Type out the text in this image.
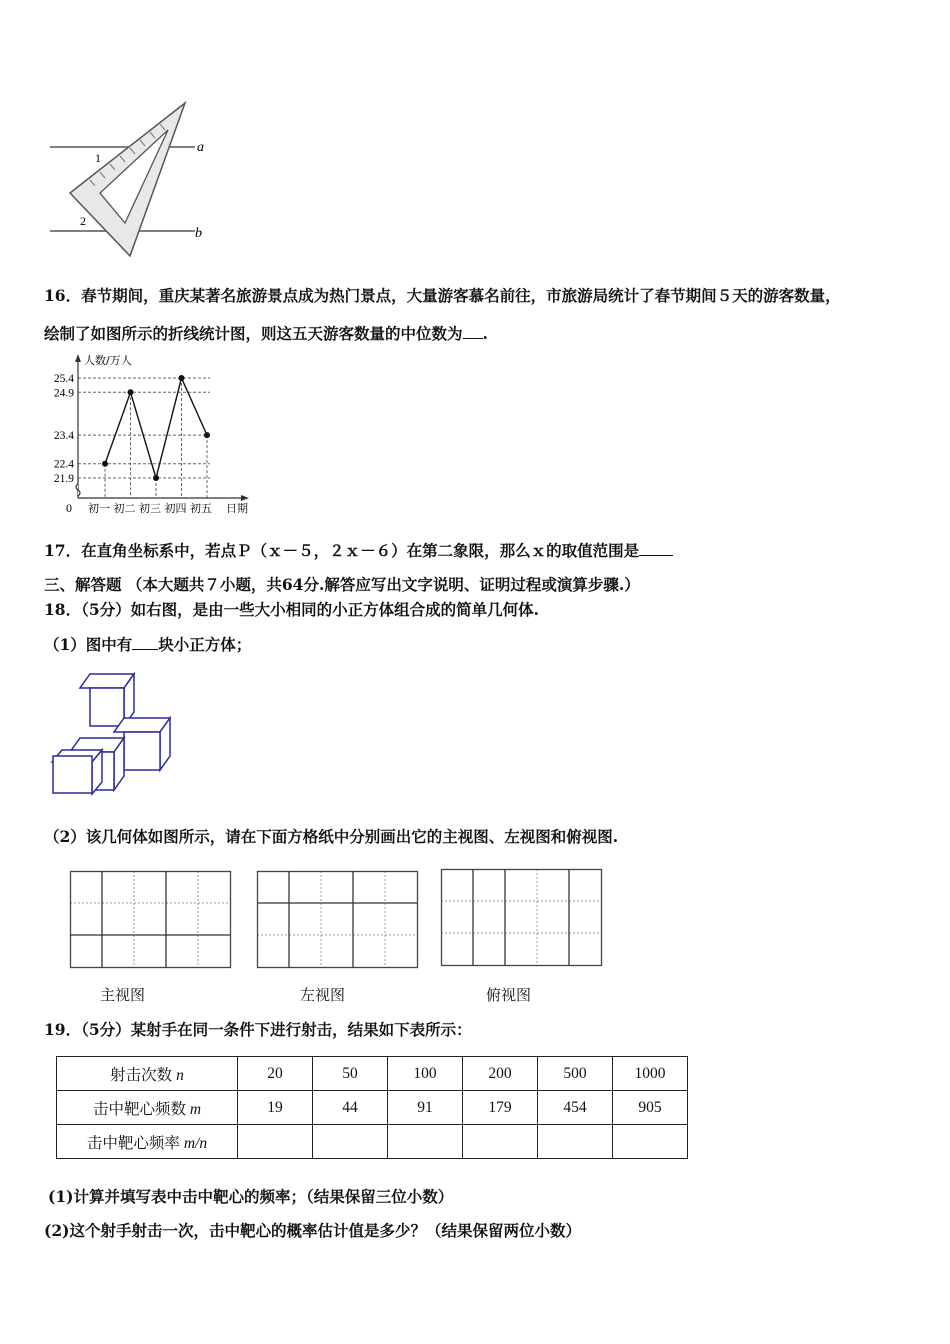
1
2
a
b
16．春节期间，重庆某著名旅游景点成为热门景点，大量游客慕名前往，市旅游局统计了春节期间５天的游客数量，
绘制了如图所示的折线统计图，则这五天游客数量的中位数为 .
25.4
24.9
23.4
22.4
21.9
初一 初二 初三 初四 初五 日期
人数/万人
0
17．在直角坐标系中，若点Ｐ（ｘ－５，２ｘ－６）在第二象限，那么ｘ的取值范围是
三、解答题 （本大题共７小题，共64分.解答应写出文字说明、证明过程或演算步骤.）
18．（5分）如右图，是由一些大小相同的小正方体组合成的简单几何体.
（1）图中有 块小正方体；
（2）该几何体如图所示，请在下面方格纸中分别画出它的主视图、左视图和俯视图.
主视图	左视图	俯视图
19．（5分）某射手在同一条件下进行射击，结果如下表所示：
射击次数 n	20	50	100	200	500	1000
击中靶心频数 m	19	44	91	179	454	905
击中靶心频率 m/n						
(1)计算并填写表中击中靶心的频率；（结果保留三位小数）
(2)这个射手射击一次，击中靶心的概率估计值是多少？（结果保留两位小数）
